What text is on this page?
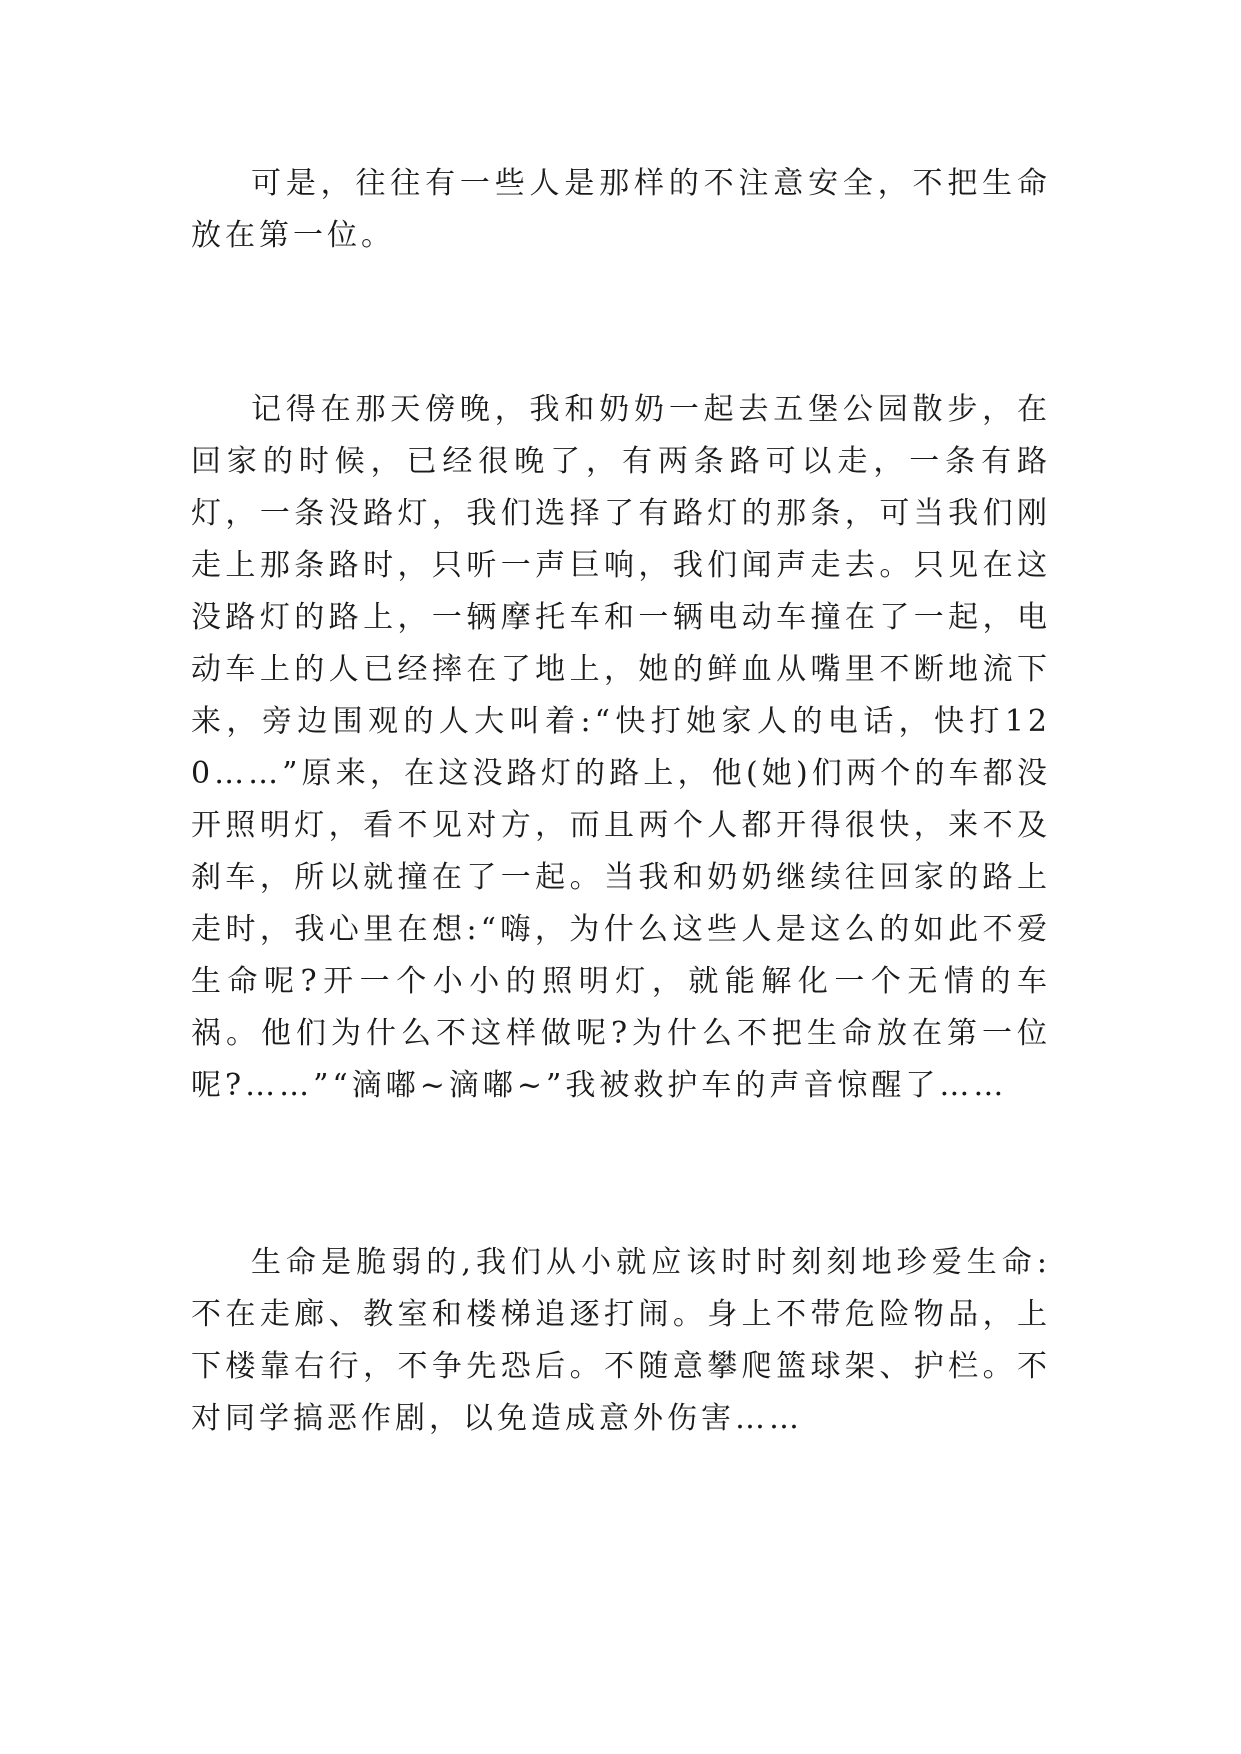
可是，往往有一些人是那样的不注意安全，不把生命放在第一位。

记得在那天傍晚，我和奶奶一起去五堡公园散步，在回家的时候，已经很晚了，有两条路可以走，一条有路灯，一条没路灯，我们选择了有路灯的那条，可当我们刚走上那条路时，只听一声巨响，我们闻声走去。只见在这没路灯的路上，一辆摩托车和一辆电动车撞在了一起，电动车上的人已经摔在了地上，她的鲜血从嘴里不断地流下来，旁边围观的人大叫着:“快打她家人的电话，快打120……”原来，在这没路灯的路上，他(她)们两个的车都没开照明灯，看不见对方，而且两个人都开得很快，来不及刹车，所以就撞在了一起。当我和奶奶继续往回家的路上走时，我心里在想:“嗨，为什么这些人是这么的如此不爱生命呢?开一个小小的照明灯，就能解化一个无情的车祸。他们为什么不这样做呢?为什么不把生命放在第一位呢?……”“滴嘟~滴嘟~”我被救护车的声音惊醒了……

生命是脆弱的,我们从小就应该时时刻刻地珍爱生命:不在走廊、教室和楼梯追逐打闹。身上不带危险物品，上下楼靠右行，不争先恐后。不随意攀爬篮球架、护栏。不对同学搞恶作剧，以免造成意外伤害……
